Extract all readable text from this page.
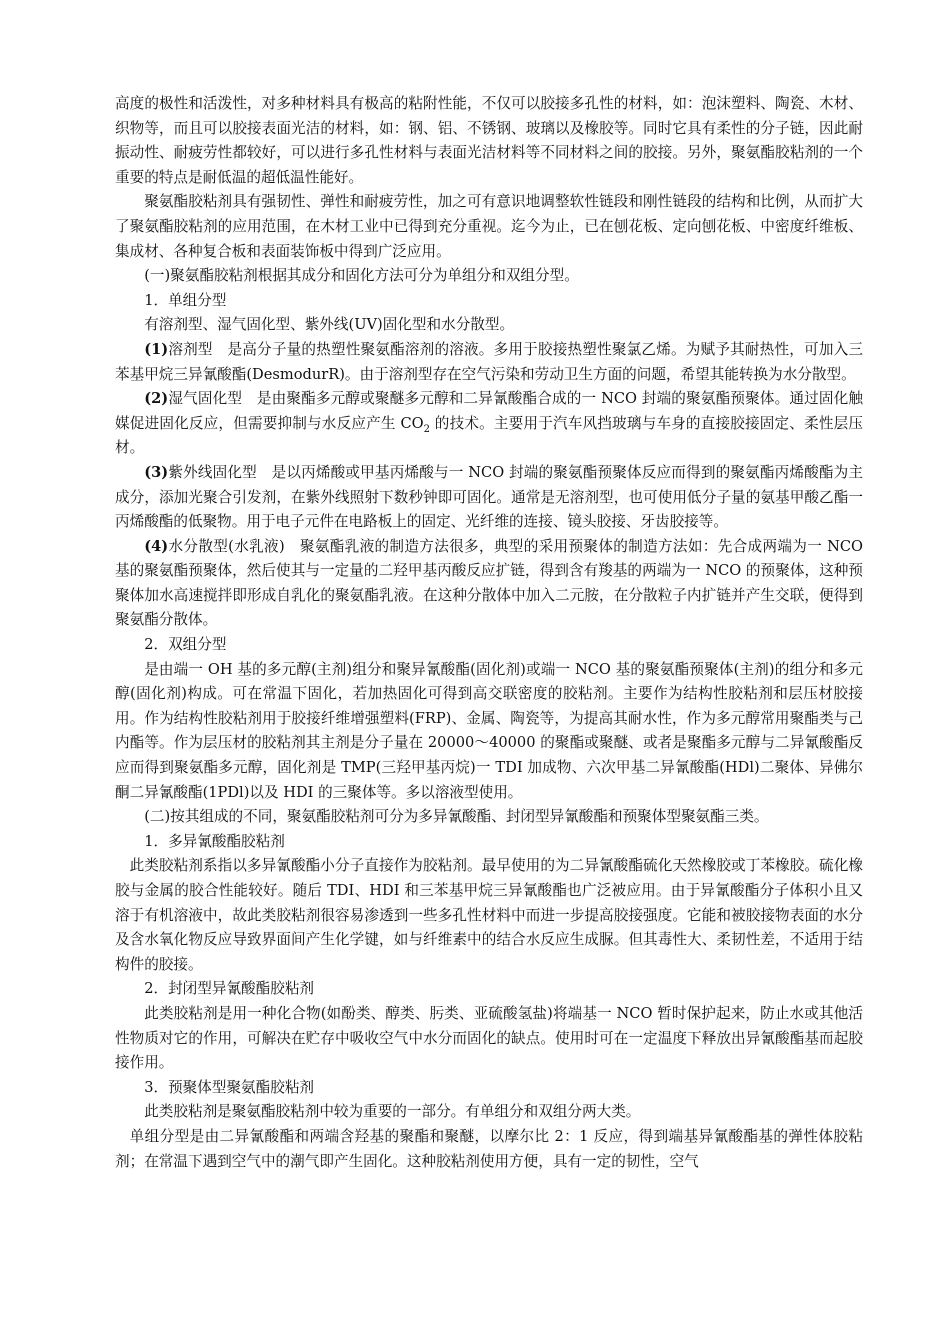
高度的极性和活泼性，对多种材料具有极高的粘附性能，不仅可以胶接多孔性的材料，如：泡沫塑料、陶瓷、木材、织物等，而且可以胶接表面光洁的材料，如：钢、铝、不锈钢、玻璃以及橡胶等。同时它具有柔性的分子链，因此耐振动性、耐疲劳性都较好，可以进行多孔性材料与表面光洁材料等不同材料之间的胶接。另外，聚氨酯胶粘剂的一个重要的特点是耐低温的超低温性能好。

聚氨酯胶粘剂具有强韧性、弹性和耐疲劳性，加之可有意识地调整软性链段和刚性链段的结构和比例，从而扩大了聚氨酯胶粘剂的应用范围，在木材工业中已得到充分重视。迄今为止，已在刨花板、定向刨花板、中密度纤维板、集成材、各种复合板和表面装饰板中得到广泛应用。

(一)聚氨酯胶粘剂根据其成分和固化方法可分为单组分和双组分型。

1．单组分型

有溶剂型、湿气固化型、紫外线(UV)固化型和水分散型。

(1)溶剂型　是高分子量的热塑性聚氨酯溶剂的溶液。多用于胶接热塑性聚氯乙烯。为赋予其耐热性，可加入三苯基甲烷三异氰酸酯(DesmodurR)。由于溶剂型存在空气污染和劳动卫生方面的问题，希望其能转换为水分散型。

(2)湿气固化型　是由聚酯多元醇或聚醚多元醇和二异氰酸酯合成的一 NCO 封端的聚氨酯预聚体。通过固化触媒促进固化反应，但需要抑制与水反应产生 $CO_2$ 的技术。主要用于汽车风挡玻璃与车身的直接胶接固定、柔性层压材。

(3)紫外线固化型　是以丙烯酸或甲基丙烯酸与一 NCO 封端的聚氨酯预聚体反应而得到的聚氨酯丙烯酸酯为主成分，添加光聚合引发剂，在紫外线照射下数秒钟即可固化。通常是无溶剂型，也可使用低分子量的氨基甲酸乙酯一丙烯酸酯的低聚物。用于电子元件在电路板上的固定、光纤维的连接、镜头胶接、牙齿胶接等。

(4)水分散型(水乳液)　聚氨酯乳液的制造方法很多，典型的采用预聚体的制造方法如：先合成两端为一 NCO 基的聚氨酯预聚体，然后使其与一定量的二羟甲基丙酸反应扩链，得到含有羧基的两端为一 NCO 的预聚体，这种预聚体加水高速搅拌即形成自乳化的聚氨酯乳液。在这种分散体中加入二元胺，在分散粒子内扩链并产生交联，便得到聚氨酯分散体。

2．双组分型

是由端一 OH 基的多元醇(主剂)组分和聚异氰酸酯(固化剂)或端一 NCO 基的聚氨酯预聚体(主剂)的组分和多元醇(固化剂)构成。可在常温下固化，若加热固化可得到高交联密度的胶粘剂。主要作为结构性胶粘剂和层压材胶接用。作为结构性胶粘剂用于胶接纤维增强塑料(FRP)、金属、陶瓷等，为提高其耐水性，作为多元醇常用聚酯类与己内酯等。作为层压材的胶粘剂其主剂是分子量在 20000～40000 的聚酯或聚醚、或者是聚酯多元醇与二异氰酸酯反应而得到聚氨酯多元醇，固化剂是 TMP(三羟甲基丙烷)一 TDI 加成物、六次甲基二异氰酸酯(HDl)二聚体、异佛尔酮二异氰酸酯(1PDl)以及 HDI 的三聚体等。多以溶液型使用。

(二)按其组成的不同，聚氨酯胶粘剂可分为多异氰酸酯、封闭型异氰酸酯和预聚体型聚氨酯三类。

1．多异氰酸酯胶粘剂

此类胶粘剂系指以多异氰酸酯小分子直接作为胶粘剂。最早使用的为二异氰酸酯硫化天然橡胶或丁苯橡胶。硫化橡胶与金属的胶合性能较好。随后 TDI、HDI 和三苯基甲烷三异氰酸酯也广泛被应用。由于异氰酸酯分子体积小且又溶于有机溶液中，故此类胶粘剂很容易渗透到一些多孔性材料中而进一步提高胶接强度。它能和被胶接物表面的水分及含水氧化物反应导致界面间产生化学键，如与纤维素中的结合水反应生成脲。但其毒性大、柔韧性差，不适用于结构件的胶接。

2．封闭型异氰酸酯胶粘剂

此类胶粘剂是用一种化合物(如酚类、醇类、肟类、亚硫酸氢盐)将端基一 NCO 暂时保护起来，防止水或其他活性物质对它的作用，可解决在贮存中吸收空气中水分而固化的缺点。使用时可在一定温度下释放出异氰酸酯基而起胶接作用。

3．预聚体型聚氨酯胶粘剂

此类胶粘剂是聚氨酯胶粘剂中较为重要的一部分。有单组分和双组分两大类。

单组分型是由二异氰酸酯和两端含羟基的聚酯和聚醚，以摩尔比 2：1 反应，得到端基异氰酸酯基的弹性体胶粘剂；在常温下遇到空气中的潮气即产生固化。这种胶粘剂使用方便，具有一定的韧性，空气
